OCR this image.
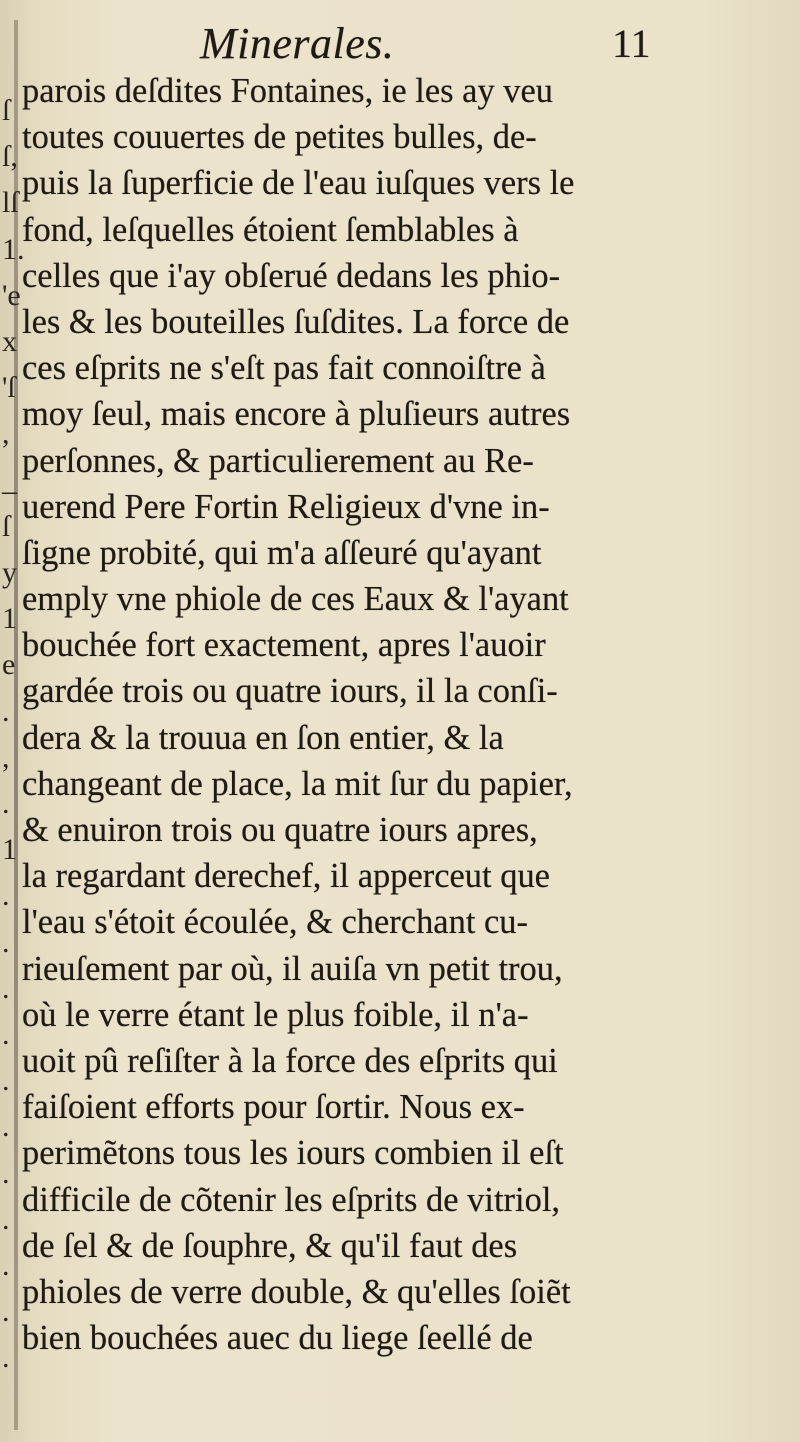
ſ
ſ,
lſ
1.
'e
x
'ſ
,
_
ſ
y
1
e
.
,
.
1
.
.
.
.
.
.
.
.
.
.
.
Minerales.	11
parois deſdites Fontaines, ie les ay veu
toutes couuertes de petites bulles, de-
puis la ſuperficie de l'eau iuſques vers le
fond, leſquelles étoient ſemblables à
celles que i'ay obſerué dedans les phio-
les & les bouteilles ſuſdites. La force de
ces eſprits ne s'eſt pas fait connoiſtre à
moy ſeul, mais encore à pluſieurs autres
perſonnes, & particulierement au Re-
uerend Pere Fortin Religieux d'vne in-
ſigne probité, qui m'a aſſeuré qu'ayant
emply vne phiole de ces Eaux & l'ayant
bouchée fort exactement, apres l'auoir
gardée trois ou quatre iours, il la conſi-
dera & la trouua en ſon entier, & la
changeant de place, la mit ſur du papier,
& enuiron trois ou quatre iours apres,
la regardant derechef, il apperceut que
l'eau s'étoit écoulée, & cherchant cu-
rieuſement par où, il auiſa vn petit trou,
où le verre étant le plus foible, il n'a-
uoit pû reſiſter à la force des eſprits qui
faiſoient efforts pour ſortir. Nous ex-
perimẽtons tous les iours combien il eſt
difficile de cõtenir les eſprits de vitriol,
de ſel & de ſouphre, & qu'il faut des
phioles de verre double, & qu'elles ſoiẽt
bien bouchées auec du liege ſeellé de
